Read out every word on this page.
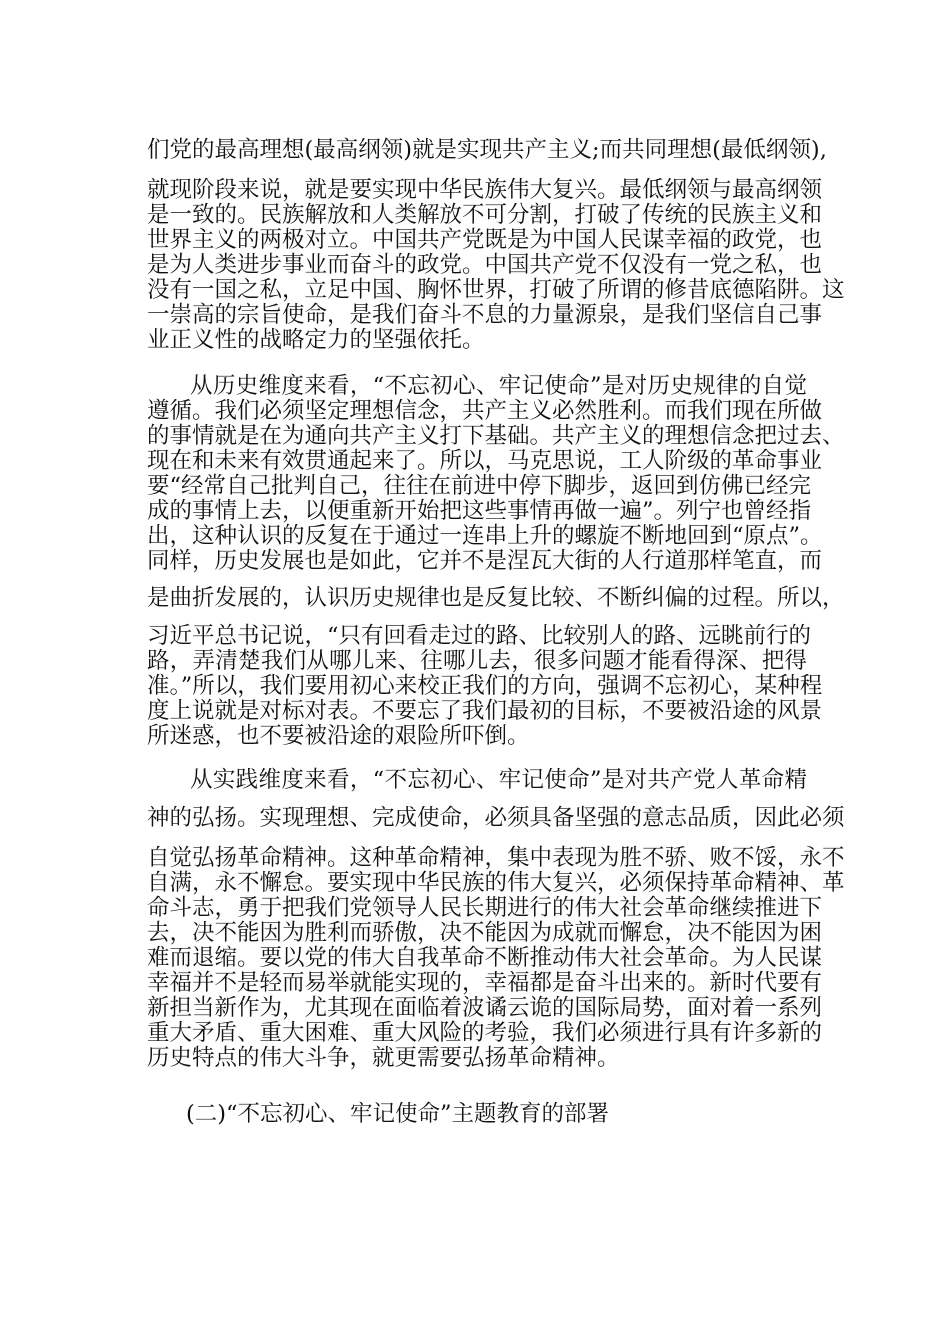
们党的最高理想(最高纲领)就是实现共产主义;而共同理想(最低纲领),
就现阶段来说，就是要实现中华民族伟大复兴。最低纲领与最高纲领
是一致的。民族解放和人类解放不可分割，打破了传统的民族主义和
世界主义的两极对立。中国共产党既是为中国人民谋幸福的政党，也
是为人类进步事业而奋斗的政党。中国共产党不仅没有一党之私，也
没有一国之私，立足中国、胸怀世界，打破了所谓的修昔底德陷阱。这
一崇高的宗旨使命，是我们奋斗不息的力量源泉，是我们坚信自己事
业正义性的战略定力的坚强依托。
从历史维度来看，“不忘初心、牢记使命”是对历史规律的自觉
遵循。我们必须坚定理想信念，共产主义必然胜利。而我们现在所做
的事情就是在为通向共产主义打下基础。共产主义的理想信念把过去、
现在和未来有效贯通起来了。所以，马克思说，工人阶级的革命事业
要“经常自己批判自己，往往在前进中停下脚步，返回到仿佛已经完
成的事情上去，以便重新开始把这些事情再做一遍”。列宁也曾经指
出，这种认识的反复在于通过一连串上升的螺旋不断地回到“原点”。
同样，历史发展也是如此，它并不是涅瓦大街的人行道那样笔直，而
是曲折发展的，认识历史规律也是反复比较、不断纠偏的过程。所以，
习近平总书记说，“只有回看走过的路、比较别人的路、远眺前行的
路，弄清楚我们从哪儿来、往哪儿去，很多问题才能看得深、把得
准。”所以，我们要用初心来校正我们的方向，强调不忘初心，某种程
度上说就是对标对表。不要忘了我们最初的目标，不要被沿途的风景
所迷惑，也不要被沿途的艰险所吓倒。
从实践维度来看，“不忘初心、牢记使命”是对共产党人革命精
神的弘扬。实现理想、完成使命，必须具备坚强的意志品质，因此必须
自觉弘扬革命精神。这种革命精神，集中表现为胜不骄、败不馁，永不
自满，永不懈怠。要实现中华民族的伟大复兴，必须保持革命精神、革
命斗志，勇于把我们党领导人民长期进行的伟大社会革命继续推进下
去，决不能因为胜利而骄傲，决不能因为成就而懈怠，决不能因为困
难而退缩。要以党的伟大自我革命不断推动伟大社会革命。为人民谋
幸福并不是轻而易举就能实现的，幸福都是奋斗出来的。新时代要有
新担当新作为，尤其现在面临着波谲云诡的国际局势，面对着一系列
重大矛盾、重大困难、重大风险的考验，我们必须进行具有许多新的
历史特点的伟大斗争，就更需要弘扬革命精神。
(二)“不忘初心、牢记使命”主题教育的部署
